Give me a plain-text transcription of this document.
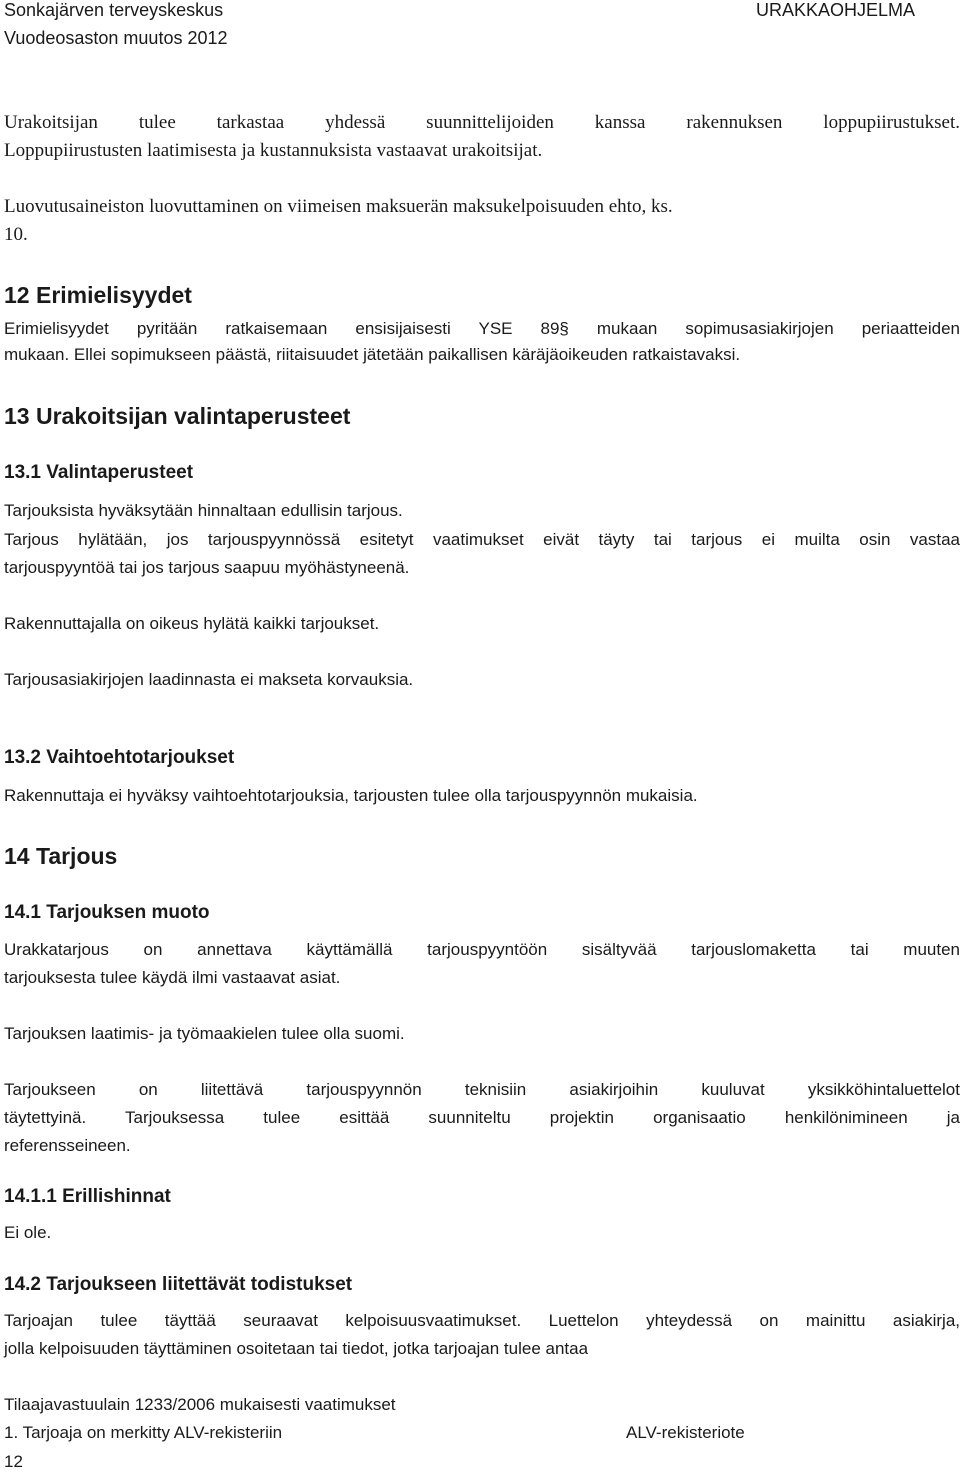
Sonkajärven terveyskeskus
Vuodeosaston muutos 2012
URAKKAOHJELMA
Urakoitsijan tulee tarkastaa yhdessä suunnittelijoiden kanssa rakennuksen loppupiirustukset.
Loppupiirustusten laatimisesta ja kustannuksista vastaavat urakoitsijat.
Luovutusaineiston luovuttaminen on viimeisen maksuerän maksukelpoisuuden ehto, ks.
10.
12 Erimielisyydet
Erimielisyydet pyritään ratkaisemaan ensisijaisesti YSE 89§ mukaan sopimusasiakirjojen periaatteiden
mukaan. Ellei sopimukseen päästä, riitaisuudet jätetään paikallisen käräjäoikeuden ratkaistavaksi.
13 Urakoitsijan valintaperusteet
13.1 Valintaperusteet
Tarjouksista hyväksytään hinnaltaan edullisin tarjous.
Tarjous hylätään, jos tarjouspyynnössä esitetyt vaatimukset eivät täyty tai tarjous ei muilta osin vastaa
tarjouspyyntöä tai jos tarjous saapuu myöhästyneenä.
Rakennuttajalla on oikeus hylätä kaikki tarjoukset.
Tarjousasiakirjojen laadinnasta ei makseta korvauksia.
13.2 Vaihtoehtotarjoukset
Rakennuttaja ei hyväksy vaihtoehtotarjouksia, tarjousten tulee olla tarjouspyynnön mukaisia.
14 Tarjous
14.1 Tarjouksen muoto
Urakkatarjous on annettava käyttämällä tarjouspyyntöön sisältyvää tarjouslomaketta tai muuten
tarjouksesta tulee käydä ilmi vastaavat asiat.
Tarjouksen laatimis- ja työmaakielen tulee olla suomi.
Tarjoukseen on liitettävä tarjouspyynnön teknisiin asiakirjoihin kuuluvat yksikköhintaluettelot
täytettyinä. Tarjouksessa tulee esittää suunniteltu projektin organisaatio henkilönimineen ja
referensseineen.
14.1.1 Erillishinnat
Ei ole.
14.2 Tarjoukseen liitettävät todistukset
Tarjoajan tulee täyttää seuraavat kelpoisuusvaatimukset. Luettelon yhteydessä on mainittu asiakirja,
jolla kelpoisuuden täyttäminen osoitetaan tai tiedot, jotka tarjoajan tulee antaa
Tilaajavastuulain 1233/2006 mukaisesti vaatimukset
1. Tarjoaja on merkitty ALV-rekisteriin	ALV-rekisteriote
12
